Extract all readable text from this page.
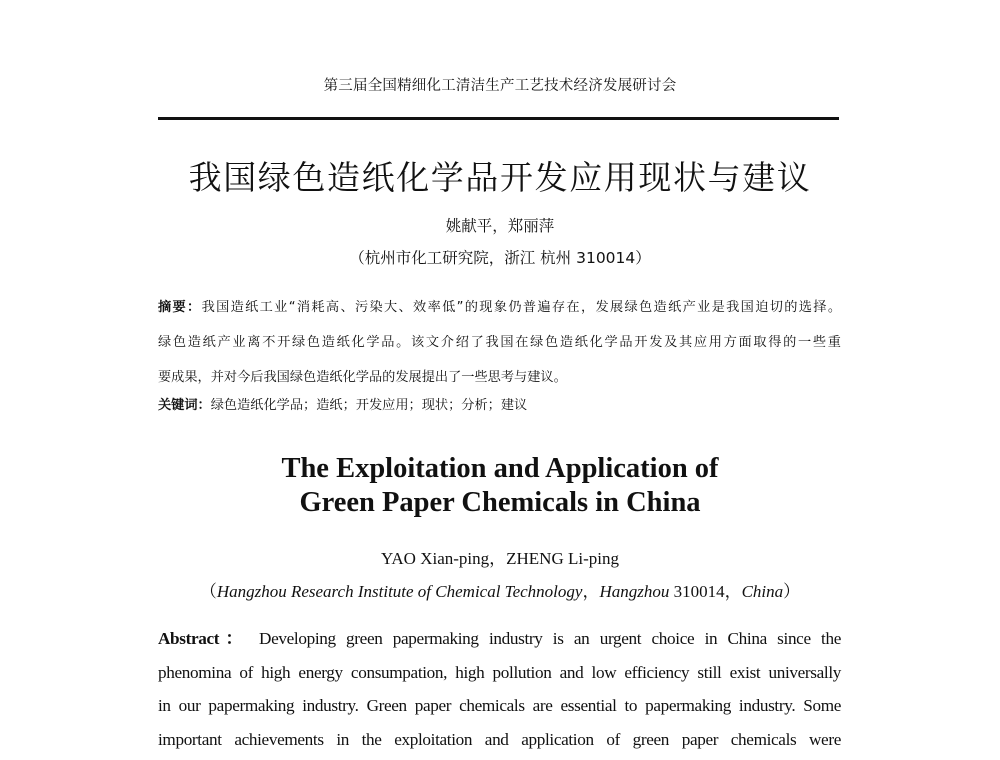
第三届全国精细化工清洁生产工艺技术经济发展研讨会
我国绿色造纸化学品开发应用现状与建议
姚献平，郑丽萍
（杭州市化工研究院，浙江 杭州 310014）
摘要：我国造纸工业“消耗高、污染大、效率低”的现象仍普遍存在，发展绿色造纸产业是我国迫切的选择。
绿色造纸产业离不开绿色造纸化学品。该文介绍了我国在绿色造纸化学品开发及其应用方面取得的一些重
要成果，并对今后我国绿色造纸化学品的发展提出了一些思考与建议。
关键词：绿色造纸化学品；造纸；开发应用；现状；分析；建议
The Exploitation and Application of
Green Paper Chemicals in China
YAO Xian-ping，ZHENG Li-ping
（Hangzhou Research Institute of Chemical Technology，Hangzhou 310014，China）
Abstract： Developing green papermaking industry is an urgent choice in China since the
phenomina of high energy consumpation, high pollution and low efficiency still exist universally
in our papermaking industry. Green paper chemicals are essential to papermaking industry. Some
important achievements in the exploitation and application of green paper chemicals were
